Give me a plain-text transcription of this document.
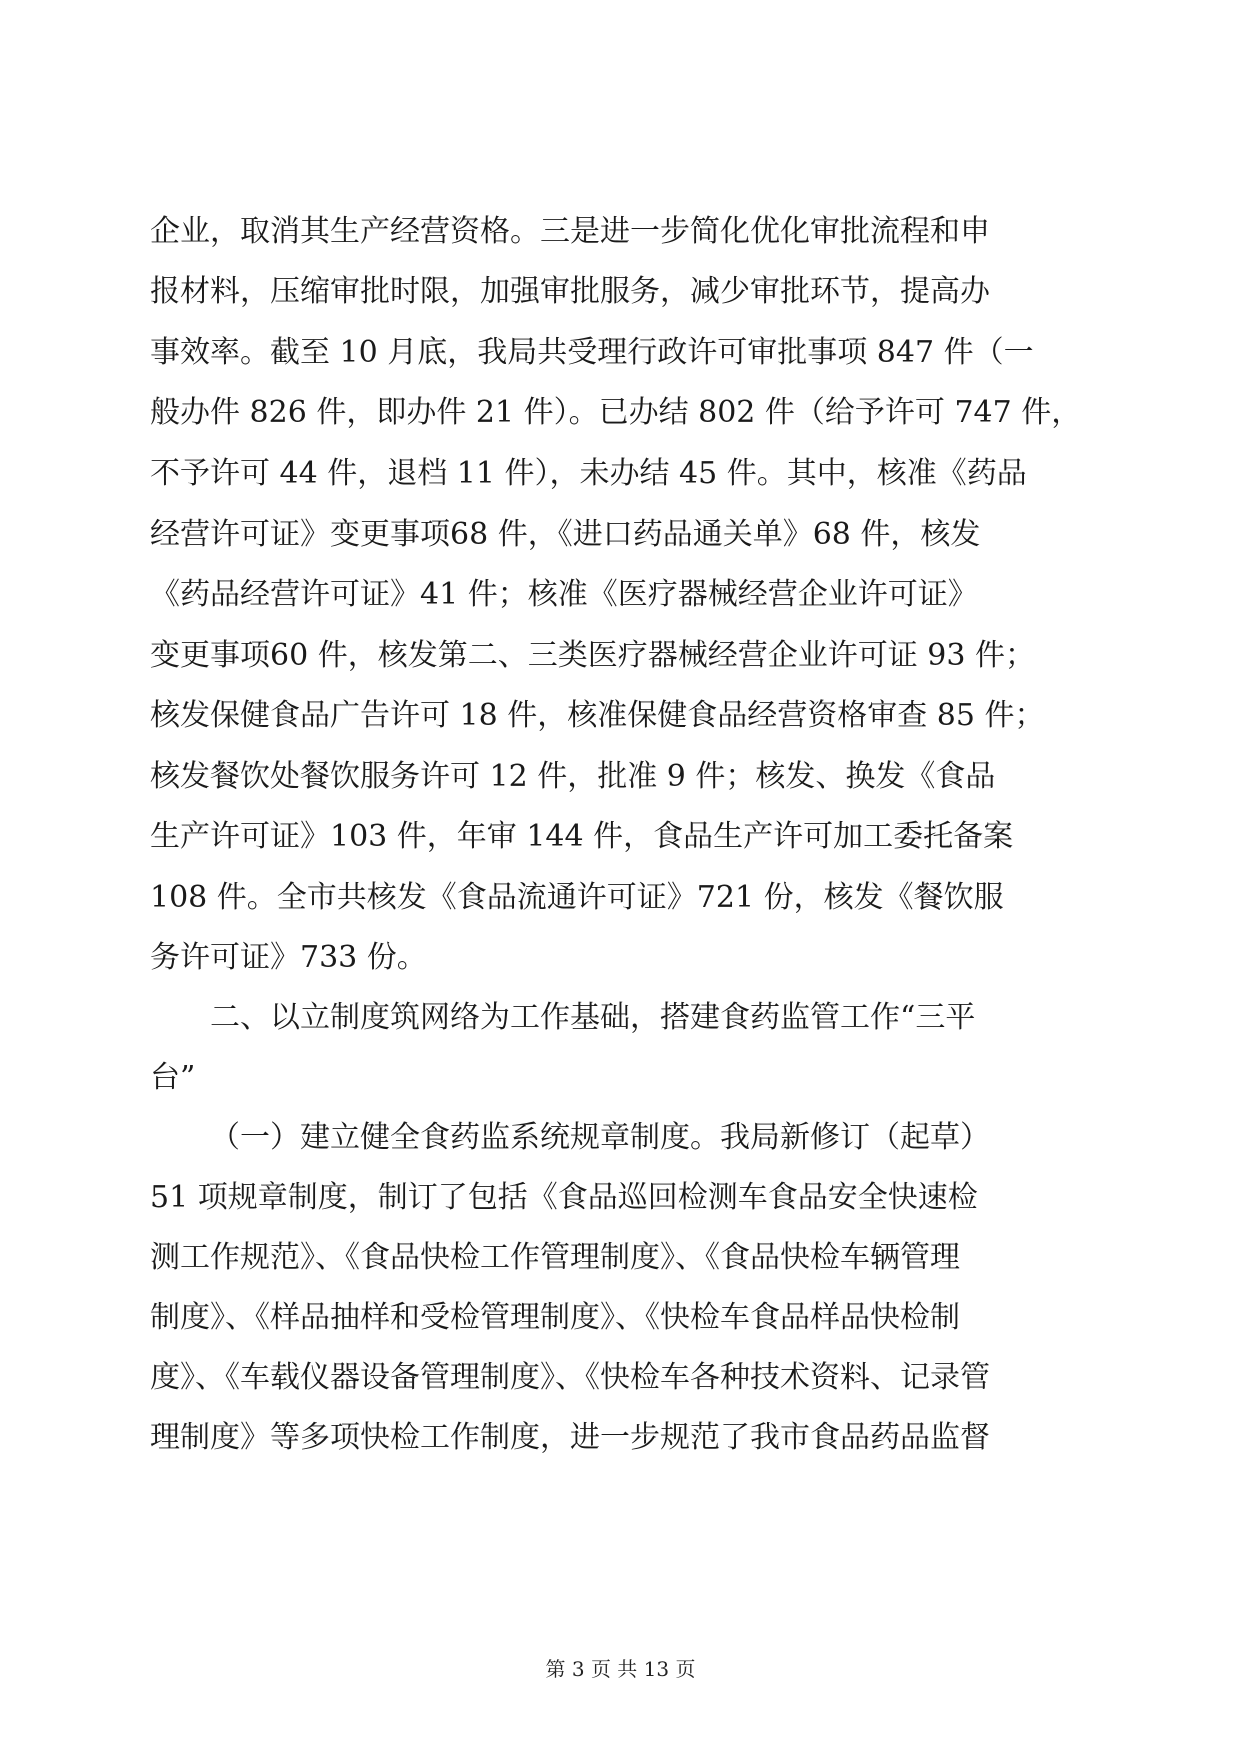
企业，取消其生产经营资格。三是进一步简化优化审批流程和申
报材料，压缩审批时限，加强审批服务，减少审批环节，提高办
事效率。截至 10 月底，我局共受理行政许可审批事项 847 件（一
般办件 826 件，即办件 21 件）。已办结 802 件（给予许可 747 件，
不予许可 44 件，退档 11 件），未办结 45 件。其中，核准《药品
经营许可证》变更事项68 件，《进口药品通关单》68 件，核发
《药品经营许可证》41 件；核准《医疗器械经营企业许可证》
变更事项60 件，核发第二、三类医疗器械经营企业许可证 93 件；
核发保健食品广告许可 18 件，核准保健食品经营资格审查 85 件；
核发餐饮处餐饮服务许可 12 件，批准 9 件；核发、换发《食品
生产许可证》103 件，年审 144 件，食品生产许可加工委托备案
108 件。全市共核发《食品流通许可证》721 份，核发《餐饮服
务许可证》733 份。
二、以立制度筑网络为工作基础，搭建食药监管工作“三平
台”
（一）建立健全食药监系统规章制度。我局新修订（起草）
51 项规章制度，制订了包括《食品巡回检测车食品安全快速检
测工作规范》、《食品快检工作管理制度》、《食品快检车辆管理
制度》、《样品抽样和受检管理制度》、《快检车食品样品快检制
度》、《车载仪器设备管理制度》、《快检车各种技术资料、记录管
理制度》等多项快检工作制度，进一步规范了我市食品药品监督
第 3 页 共 13 页
